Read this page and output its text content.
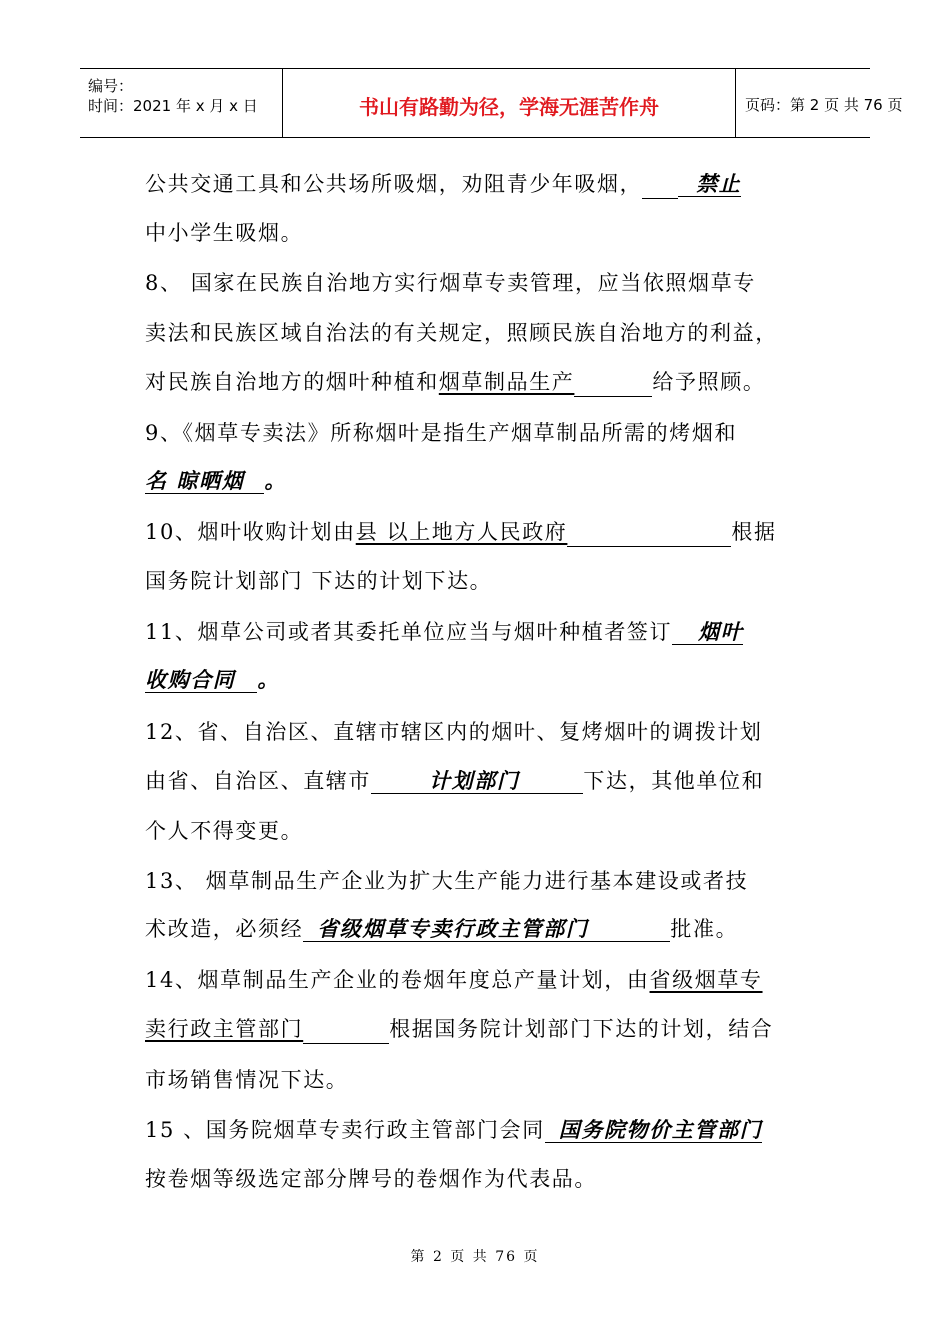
编号：
时间：2021 年 x 月 x 日	书山有路勤为径，学海无涯苦作舟	页码：第 2 页 共 76 页
公共交通工具和公共场所吸烟，劝阻青少年吸烟，	禁止
中小学生吸烟。
8、 国家在民族自治地方实行烟草专卖管理，应当依照烟草专
卖法和民族区域自治法的有关规定，照顾民族自治地方的利益，
对民族自治地方的烟叶种植和烟草制品生产	给予照顾。
9、《烟草专卖法》所称烟叶是指生产烟草制品所需的烤烟和
名 晾晒烟 。
10、烟叶收购计划由县 以上地方人民政府	根据
国务院计划部门 下达的计划下达。
11、烟草公司或者其委托单位应当与烟叶种植者签订 烟叶
收购合同 。
12、省、自治区、直辖市辖区内的烟叶、复烤烟叶的调拨计划
由省、自治区、直辖市	计划部门	下达，其他单位和
个人不得变更。
13、 烟草制品生产企业为扩大生产能力进行基本建设或者技
术改造，必须经 省级烟草专卖行政主管部门	批准。
14、烟草制品生产企业的卷烟年度总产量计划，由省级烟草专
卖行政主管部门	根据国务院计划部门下达的计划，结合
市场销售情况下达。
15 、国务院烟草专卖行政主管部门会同 国务院物价主管部门
按卷烟等级选定部分牌号的卷烟作为代表品。
第 2 页 共 76 页
